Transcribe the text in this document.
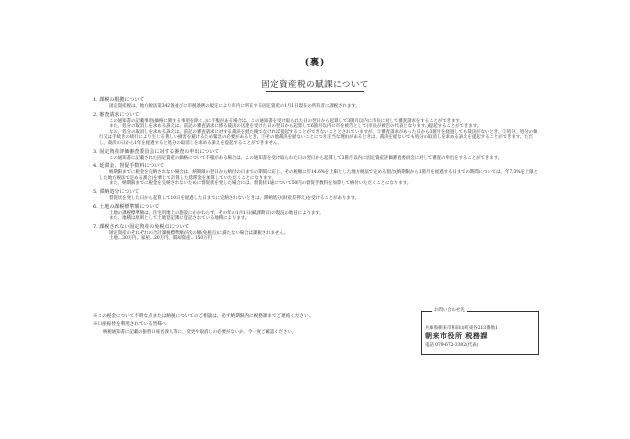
(裏)
固定資産税の賦課について
1. 課税の根拠について
固定資産税は、地方税法第342条並びに市税条例の規定により市内に所在する固定資産の1月1日現在の所有者に課税されます。
2. 審査請求について
この通知書の記載事項(価格に関する事項を除く。)に不服がある場合は、この通知書を受け取られた日の翌日から起算して3箇月以内に市長に対して審査請求をすることができます。
また、処分の取消しを求める訴えは、前記の審査請求に係る裁決の送達を受けた日の翌日から起算して6箇月以内に市を被告として(市長が被告の代表となります。)提起することができます。
なお、処分の取消しを求める訴えは、前記の審査請求に対する裁決を経た後でなければ提起することができないこととされていますが、①審査請求があった日から3箇月を経過しても裁決がないとき、②処分、処分の執行又は手続きの続行により生じる著しい損害を避けるため緊急の必要があるとき、③その他裁決を経ないことにつき正当な理由があるときは、裁決を経ないでも処分の取消しを求める訴えを提起することができます。ただし、裁決の日から1年を経過すると処分の取消しを求める訴えを提起することができません。
3. 固定資産評価審査委員会に対する審査の申出について
この通知書に記載された固定資産の価格について不服がある場合は、この通知書を受け取られた日の翌日から起算して3箇月以内に固定資産評価審査委員会に対して審査の申出をすることができます。
4. 延滞金、督促手数料について
納期限までに税金を完納されない場合は、納期限の翌日から納付の日までの期間に応じ、その税額に年14.6%を上限とした地方税法で定める割合(納期限から1箇月を経過する日までの期間については、年7.3%を上限とした地方税法で定める割合)を乗じて計算した延滞金を加算していただくことになります。
また、納期限までに税金を完納されないために督促状を発した場合には、督促状1通について50円の督促手数料を加算して納付いただくことになります。
5. 滞納処分について
督促状を発した日から起算して10日を経過した日までに完納されないときは、滞納処分(財産差押え)を受けることがあります。
6. 土地の課税標準額について
土地の課税標準額は、住宅用地上の施設にかかわらず、その年の1月1日(賦課期日)の現況の地目によります。
また、地積は原則として土地登記簿に登記されている地積によります。
7. 課税されない固定資産の免税点について
固定資産のそれぞれの合計課税標準額が次の額(免税点)に満たない場合は課税されません。
土地…30万円、家屋…20万円、償却資産…150万円
※この税金について不明な点または納税についてのご相談は、必ず納期限内に税務課までご連絡ください。
※口座振替を利用されている皆様へ
納税通知書に記載の振替口座名義人等に、変更や取消しの必要がないか、今一度ご確認ください。
お問い合わせ先
兵庫県朝来市和田山町東谷213番地1
朝来市役所 税務課
電話 079-672-3302(代表)
